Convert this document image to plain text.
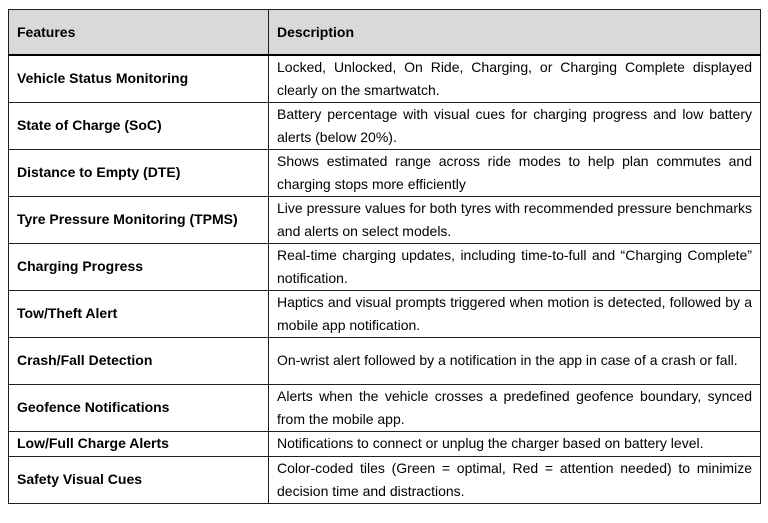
Features	Description
Vehicle Status Monitoring	Locked, Unlocked, On Ride, Charging, or Charging Complete displayed clearly on the smartwatch.
State of Charge (SoC)	Battery percentage with visual cues for charging progress and low battery alerts (below 20%).
Distance to Empty (DTE)	Shows estimated range across ride modes to help plan commutes and charging stops more efficiently
Tyre Pressure Monitoring (TPMS)	Live pressure values for both tyres with recommended pressure benchmarks and alerts on select models.
Charging Progress	Real-time charging updates, including time-to-full and “Charging Complete” notification.
Tow/Theft Alert	Haptics and visual prompts triggered when motion is detected, followed by a mobile app notification.
Crash/Fall Detection	On-wrist alert followed by a notification in the app in case of a crash or fall.
Geofence Notifications	Alerts when the vehicle crosses a predefined geofence boundary, synced from the mobile app.
Low/Full Charge Alerts	Notifications to connect or unplug the charger based on battery level.
Safety Visual Cues	Color-coded tiles (Green = optimal, Red = attention needed) to minimize decision time and distractions.
